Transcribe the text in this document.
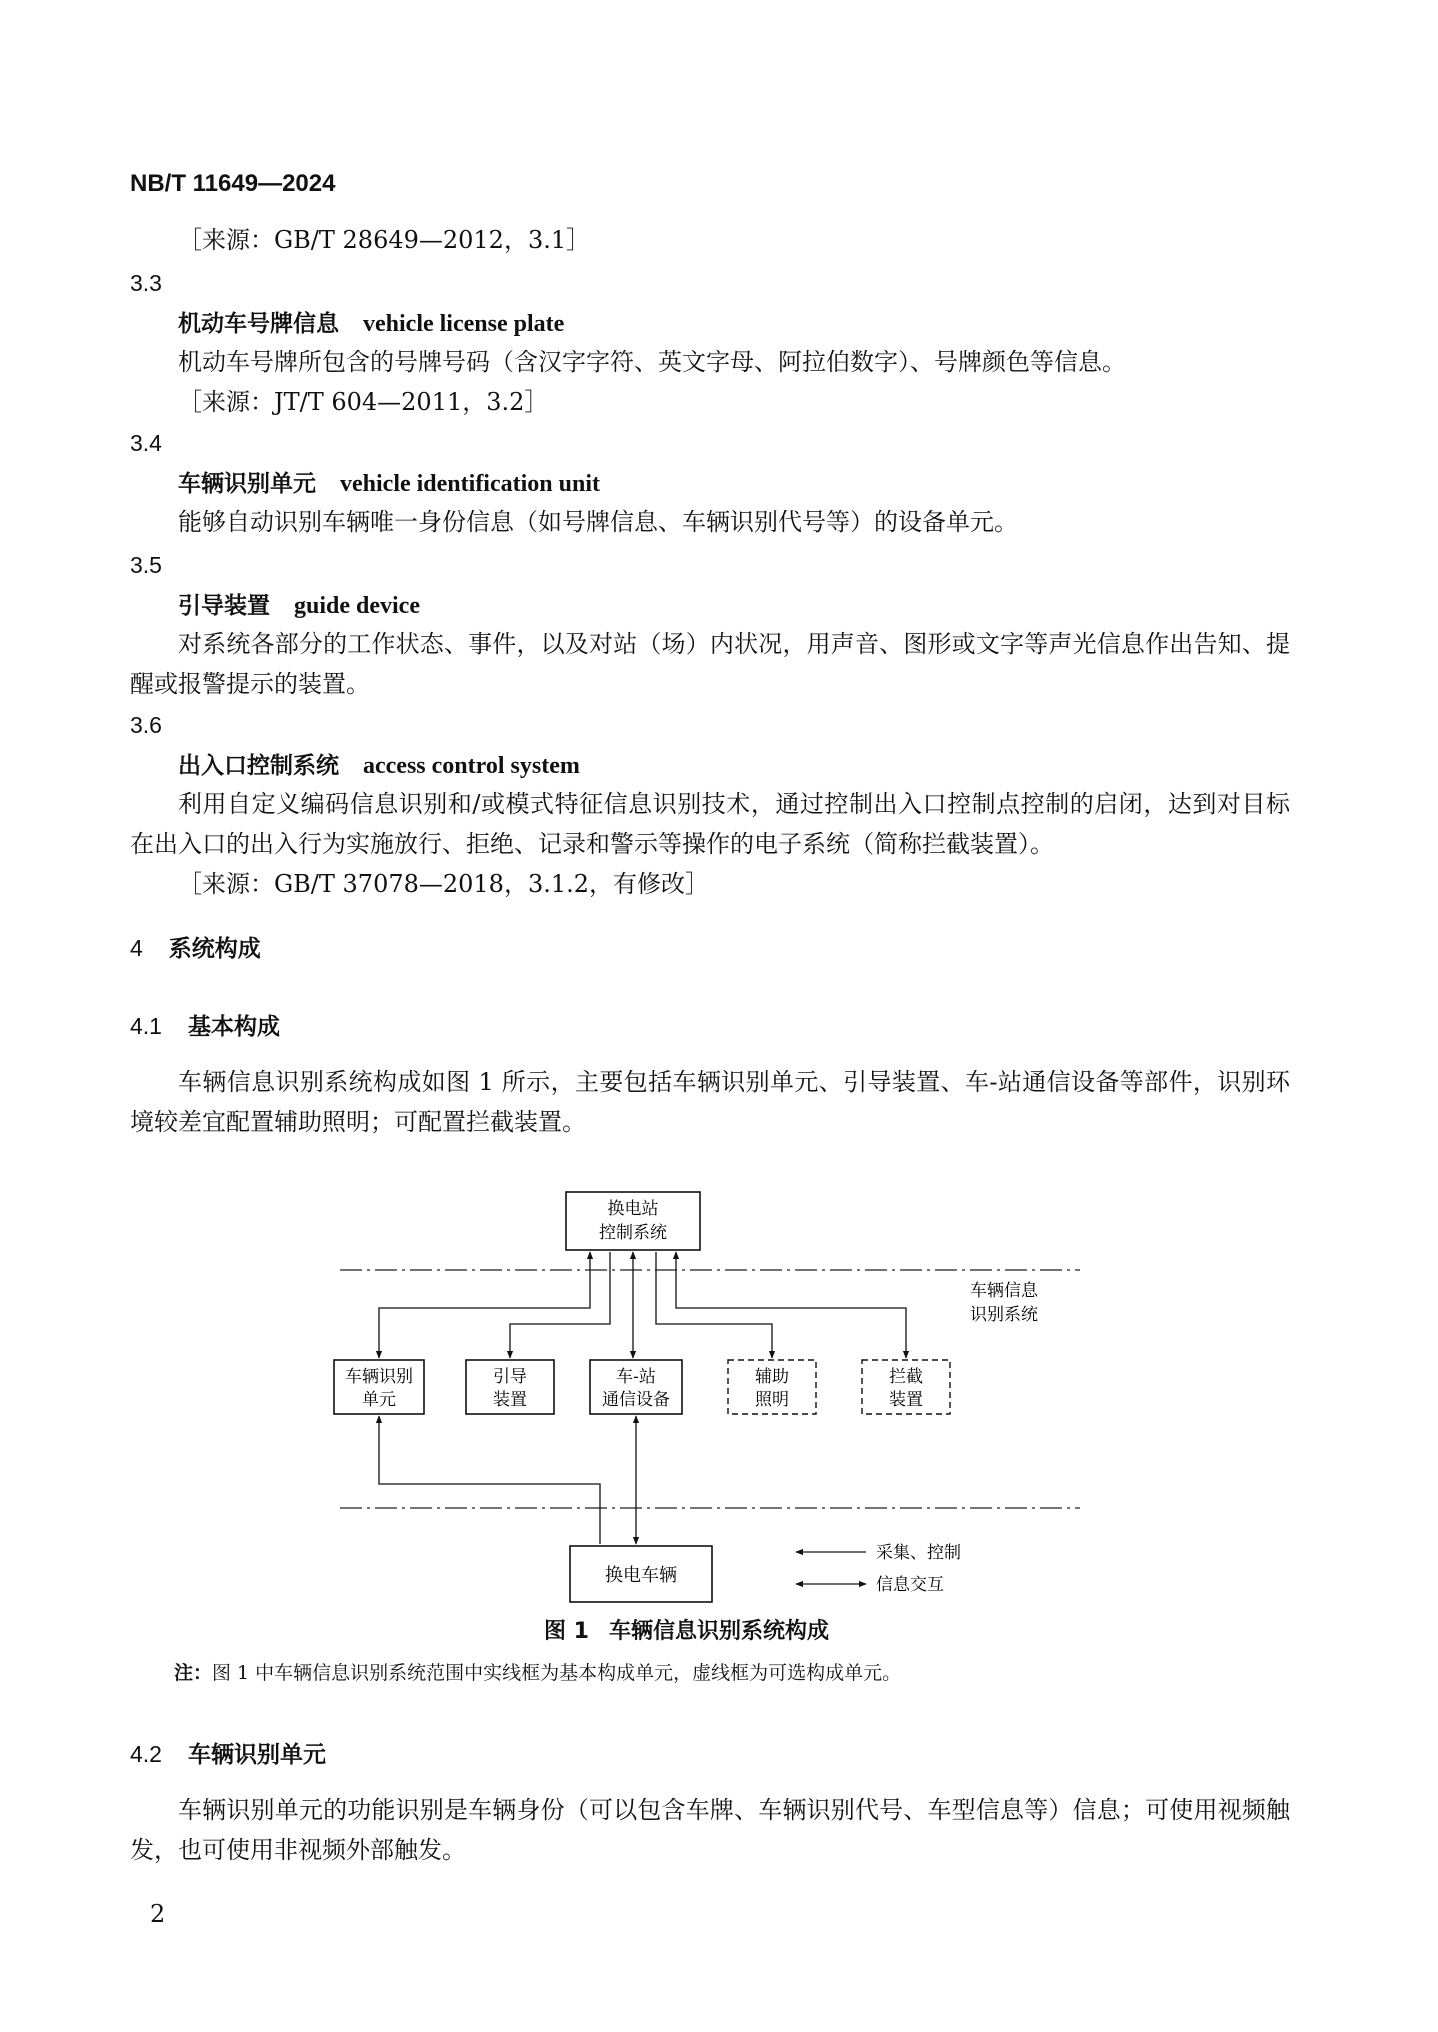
NB/T 11649—2024
［来源：GB/T 28649—2012，3.1］
3.3
机动车号牌信息 vehicle license plate
机动车号牌所包含的号牌号码（含汉字字符、英文字母、阿拉伯数字）、号牌颜色等信息。
［来源：JT/T 604—2011，3.2］
3.4
车辆识别单元 vehicle identification unit
能够自动识别车辆唯一身份信息（如号牌信息、车辆识别代号等）的设备单元。
3.5
引导装置 guide device
对系统各部分的工作状态、事件，以及对站（场）内状况，用声音、图形或文字等声光信息作出告知、提醒或报警提示的装置。
3.6
出入口控制系统 access control system
利用自定义编码信息识别和/或模式特征信息识别技术，通过控制出入口控制点控制的启闭，达到对目标在出入口的出入行为实施放行、拒绝、记录和警示等操作的电子系统（简称拦截装置）。
［来源：GB/T 37078—2018，3.1.2，有修改］
4 系统构成
4.1 基本构成
车辆信息识别系统构成如图 1 所示，主要包括车辆识别单元、引导装置、车-站通信设备等部件，识别环境较差宜配置辅助照明；可配置拦截装置。
换电站
控制系统
车辆信息
识别系统
车辆识别
单元
引导
装置
车-站
通信设备
辅助
照明
拦截
装置
换电车辆
采集、控制
信息交互
图 1 车辆信息识别系统构成
注：图 1 中车辆信息识别系统范围中实线框为基本构成单元，虚线框为可选构成单元。
4.2 车辆识别单元
车辆识别单元的功能识别是车辆身份（可以包含车牌、车辆识别代号、车型信息等）信息；可使用视频触发，也可使用非视频外部触发。
2
